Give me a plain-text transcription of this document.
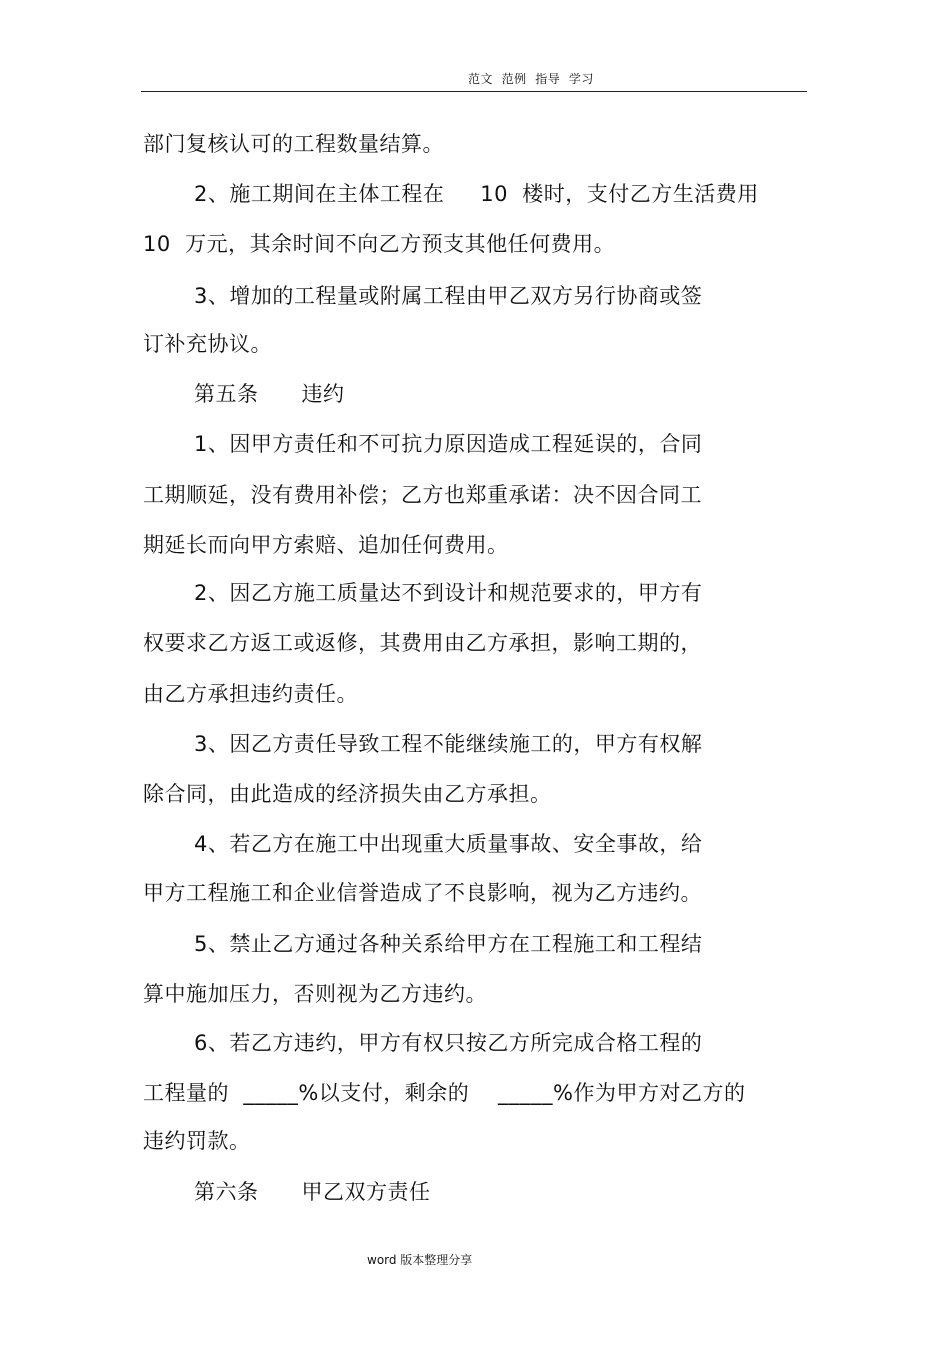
范文  范例  指导  学习
部门复核认可的工程数量结算。
2、施工期间在主体工程在     10  楼时，支付乙方生活费用
10  万元，其余时间不向乙方预支其他任何费用。
3、增加的工程量或附属工程由甲乙双方另行协商或签
订补充协议。
第五条      违约
1、因甲方责任和不可抗力原因造成工程延误的，合同
工期顺延，没有费用补偿；乙方也郑重承诺：决不因合同工
期延长而向甲方索赔、追加任何费用。
2、因乙方施工质量达不到设计和规范要求的，甲方有
权要求乙方返工或返修，其费用由乙方承担，影响工期的，
由乙方承担违约责任。
3、因乙方责任导致工程不能继续施工的，甲方有权解
除合同，由此造成的经济损失由乙方承担。
4、若乙方在施工中出现重大质量事故、安全事故，给
甲方工程施工和企业信誉造成了不良影响，视为乙方违约。
5、禁止乙方通过各种关系给甲方在工程施工和工程结
算中施加压力，否则视为乙方违约。
6、若乙方违约，甲方有权只按乙方所完成合格工程的
工程量的  _____%以支付，剩余的    _____%作为甲方对乙方的
违约罚款。
第六条      甲乙双方责任
word 版本整理分享
